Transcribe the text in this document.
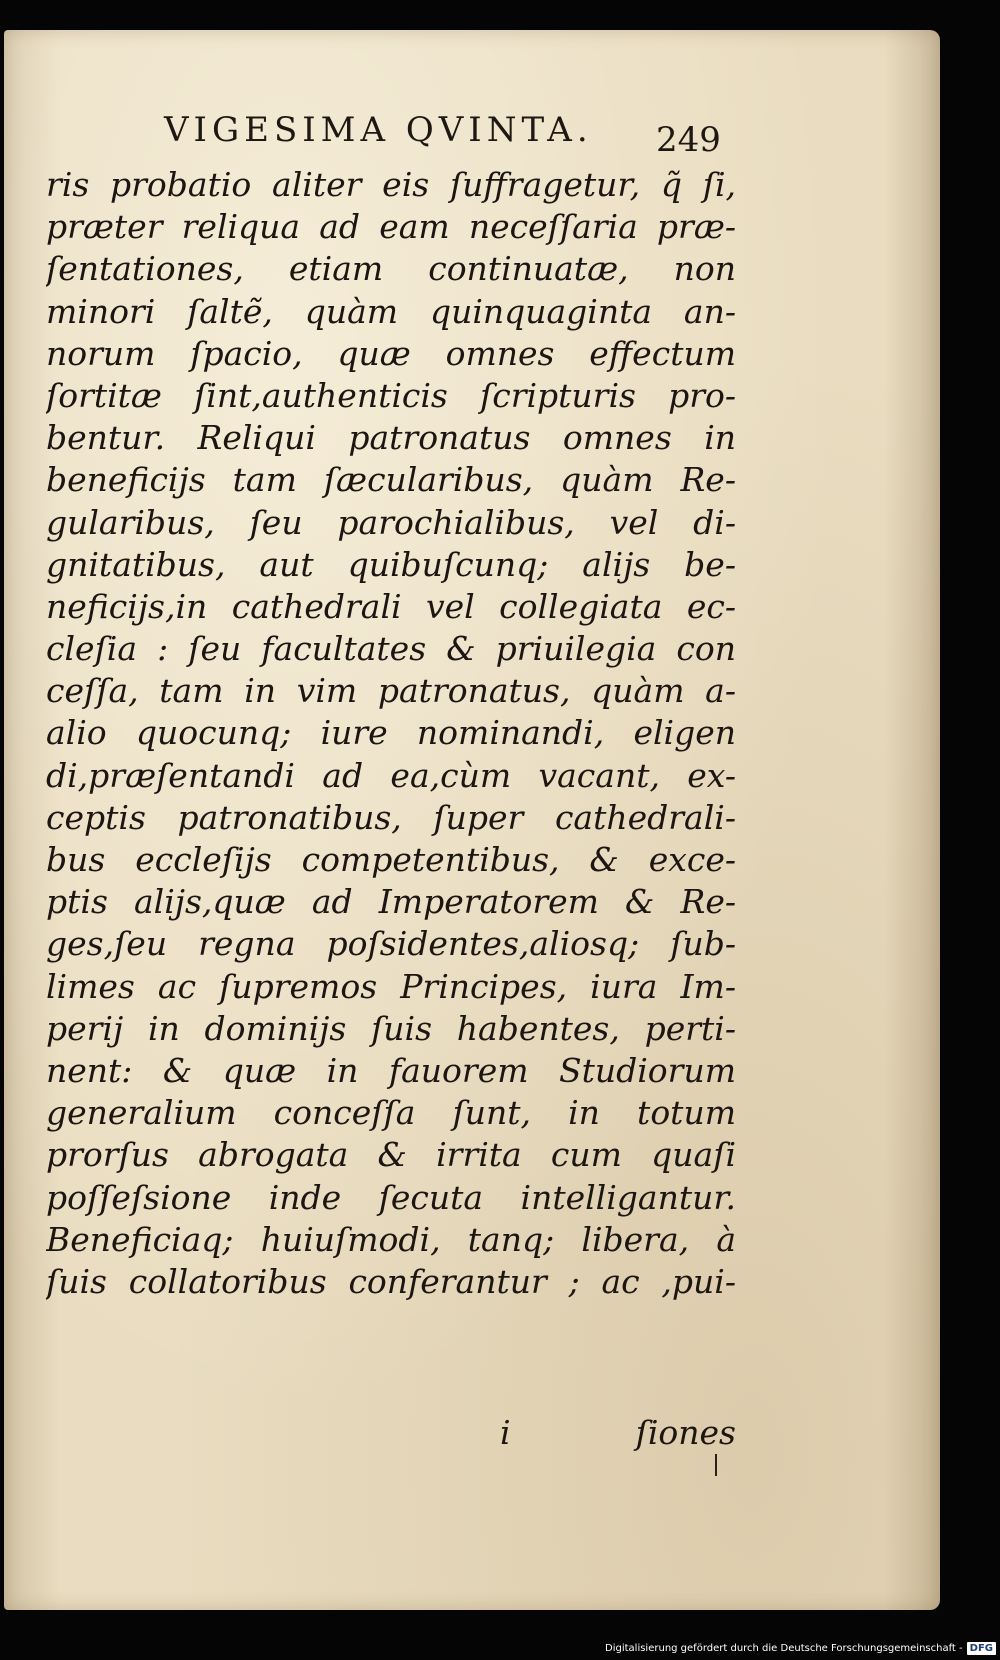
VIGESIMA QVINTA.	249
ris probatio aliter eis ſuffragetur, q̃ ſi,
præter reliqua ad eam neceſſaria præ-
ſentationes, etiam continuatæ, non
minori ſaltẽ, quàm quinquaginta an-
norum ſpacio, quæ omnes effectum
ſortitæ ſint,authenticis ſcripturis pro-
bentur. Reliqui patronatus omnes in
beneficijs tam ſæcularibus, quàm Re-
gularibus, ſeu parochialibus, vel di-
gnitatibus, aut quibuſcunq; alijs be-
neficijs,in cathedrali vel collegiata ec-
cleſia : ſeu facultates & priuilegia con
ceſſa, tam in vim patronatus, quàm a-
alio quocunq; iure nominandi, eligen
di,præſentandi ad ea,cùm vacant, ex-
ceptis patronatibus, ſuper cathedrali-
bus eccleſijs competentibus, & exce-
ptis alijs,quæ ad Imperatorem & Re-
ges,ſeu regna poſsidentes,aliosq; ſub-
limes ac ſupremos Principes, iura Im-
perij in dominijs ſuis habentes, perti-
nent: & quæ in fauorem Studiorum
generalium conceſſa ſunt, in totum
prorſus abrogata & irrita cum quaſi
poſſeſsione inde ſecuta intelligantur.
Beneficiaq; huiuſmodi, tanq; libera, à
ſuis collatoribus conferantur ; ac ,pui-
i	ſiones
Digitalisierung gefördert durch die Deutsche Forschungsgemeinschaft - DFG
